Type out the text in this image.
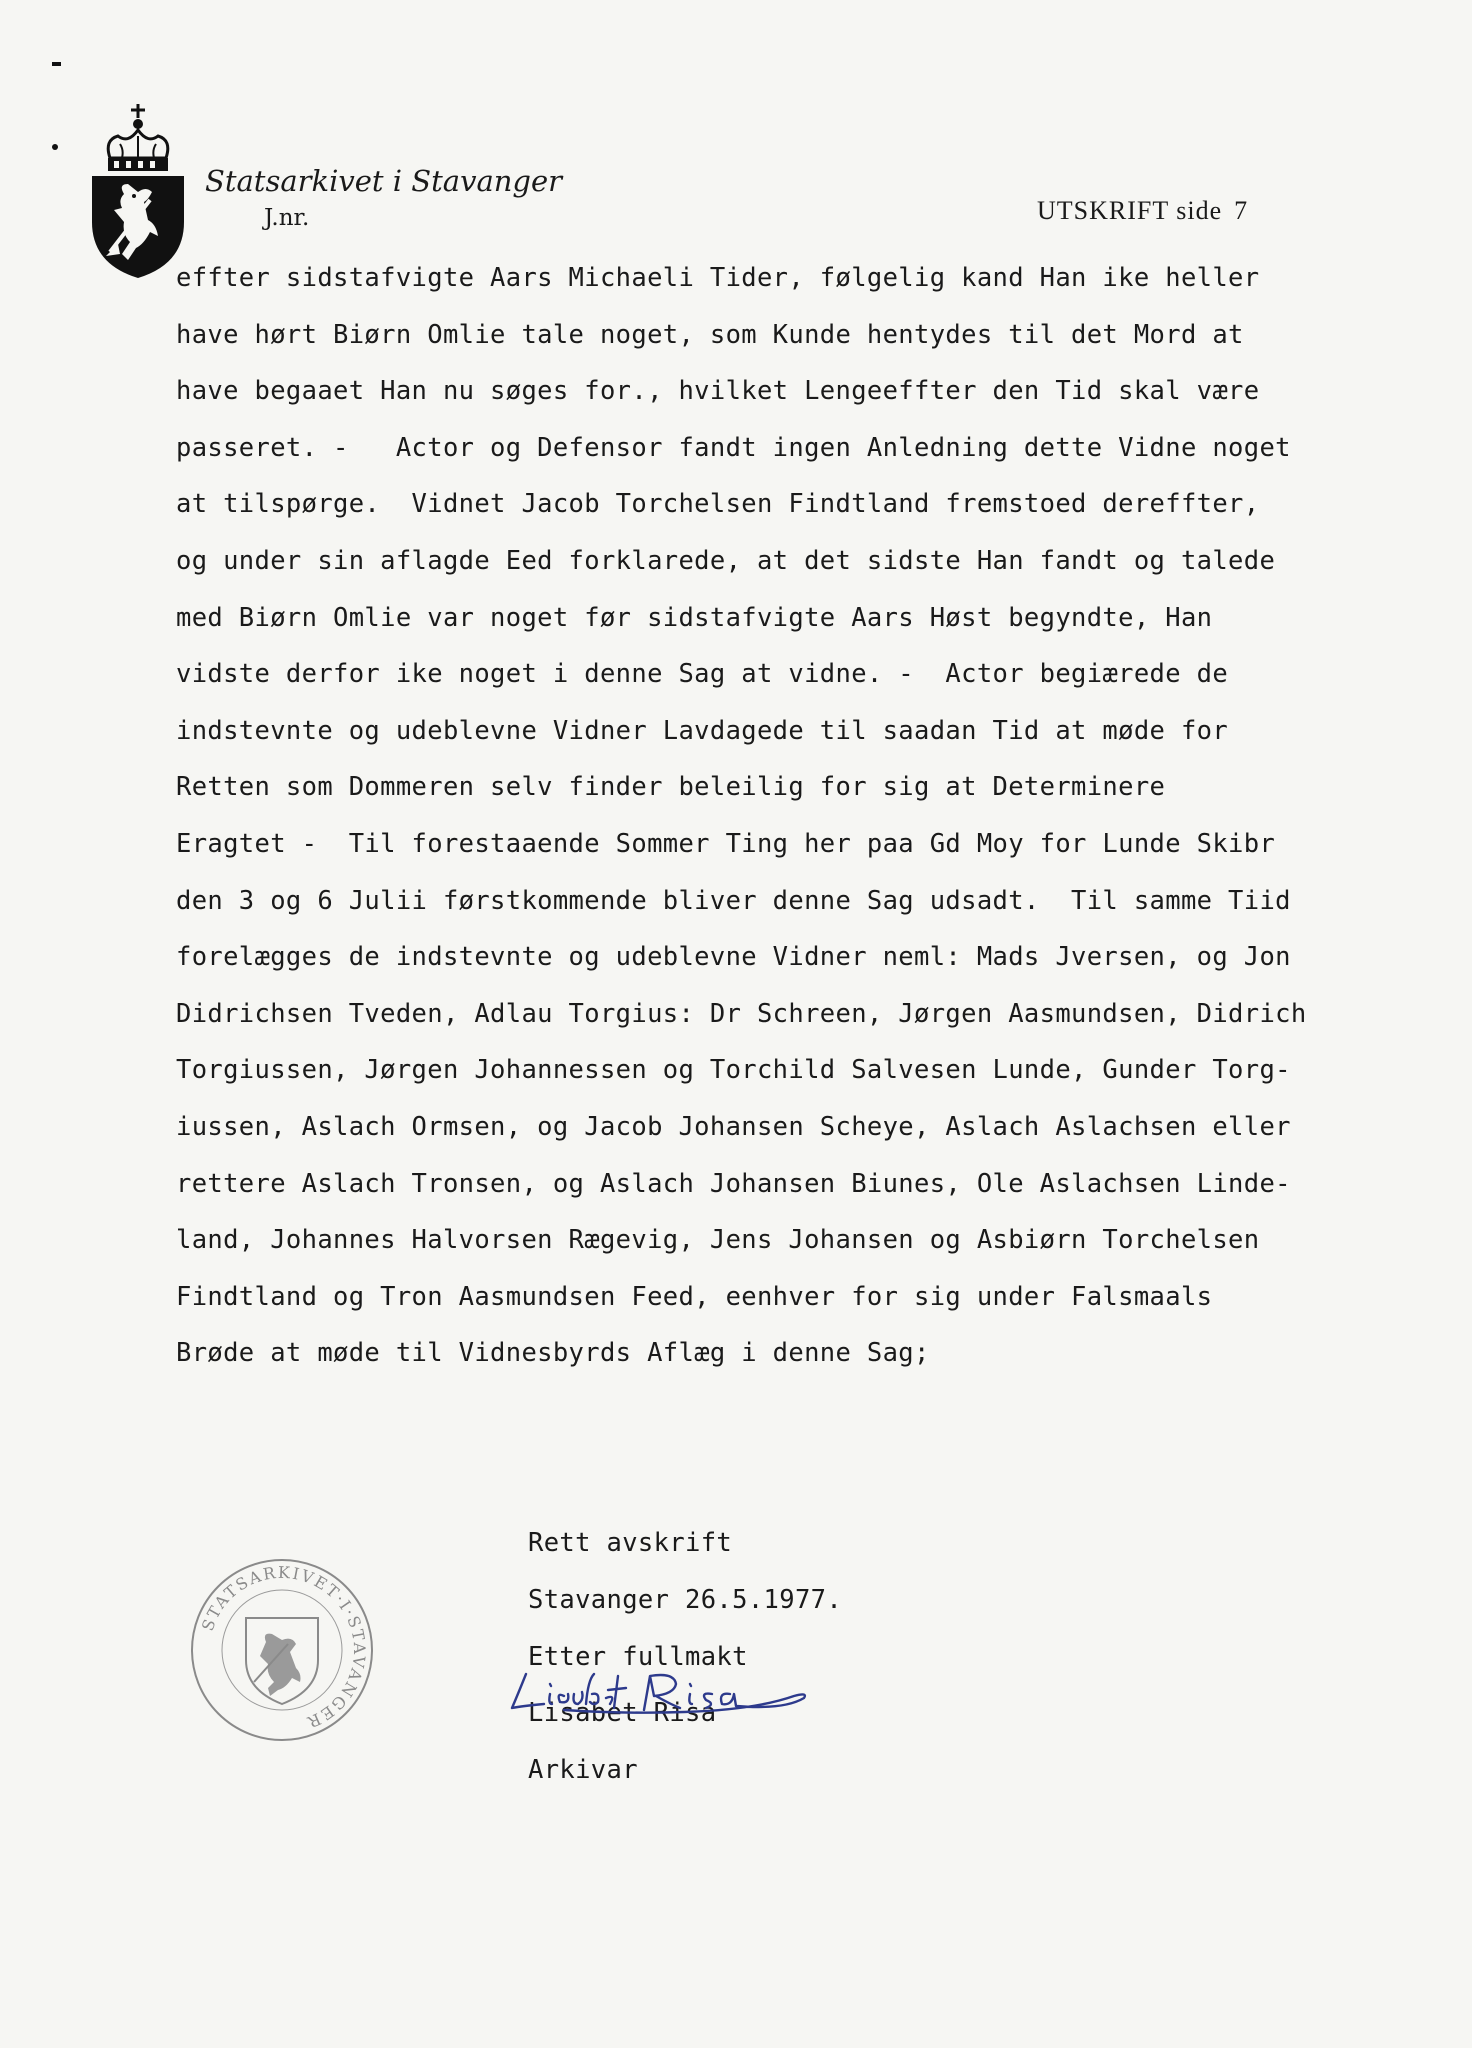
Statsarkivet i Stavanger
J.nr.	UTSKRIFT side 7
effter sidstafvigte Aars Michaeli Tider, følgelig kand Han ike heller
have hørt Biørn Omlie tale noget, som Kunde hentydes til det Mord at
have begaaet Han nu søges for., hvilket Lengeeffter den Tid skal være
passeret. -   Actor og Defensor fandt ingen Anledning dette Vidne noget
at tilspørge.  Vidnet Jacob Torchelsen Findtland fremstoed dereffter,
og under sin aflagde Eed forklarede, at det sidste Han fandt og talede
med Biørn Omlie var noget før sidstafvigte Aars Høst begyndte, Han
vidste derfor ike noget i denne Sag at vidne. -  Actor begiærede de
indstevnte og udeblevne Vidner Lavdagede til saadan Tid at møde for
Retten som Dommeren selv finder beleilig for sig at Determinere
Eragtet -  Til forestaaende Sommer Ting her paa Gd Moy for Lunde Skibr
den 3 og 6 Julii førstkommende bliver denne Sag udsadt.  Til samme Tiid
forelægges de indstevnte og udeblevne Vidner neml: Mads Jversen, og Jon
Didrichsen Tveden, Adlau Torgius: Dr Schreen, Jørgen Aasmundsen, Didrich
Torgiussen, Jørgen Johannessen og Torchild Salvesen Lunde, Gunder Torg-
iussen, Aslach Ormsen, og Jacob Johansen Scheye, Aslach Aslachsen eller
rettere Aslach Tronsen, og Aslach Johansen Biunes, Ole Aslachsen Linde-
land, Johannes Halvorsen Rægevig, Jens Johansen og Asbiørn Torchelsen
Findtland og Tron Aasmundsen Feed, eenhver for sig under Falsmaals
Brøde at møde til Vidnesbyrds Aflæg i denne Sag;
STATSARKIVET·I·STAVANGER
Rett avskrift
Stavanger 26.5.1977.
Etter fullmakt
Lisabet Risa
Arkivar
